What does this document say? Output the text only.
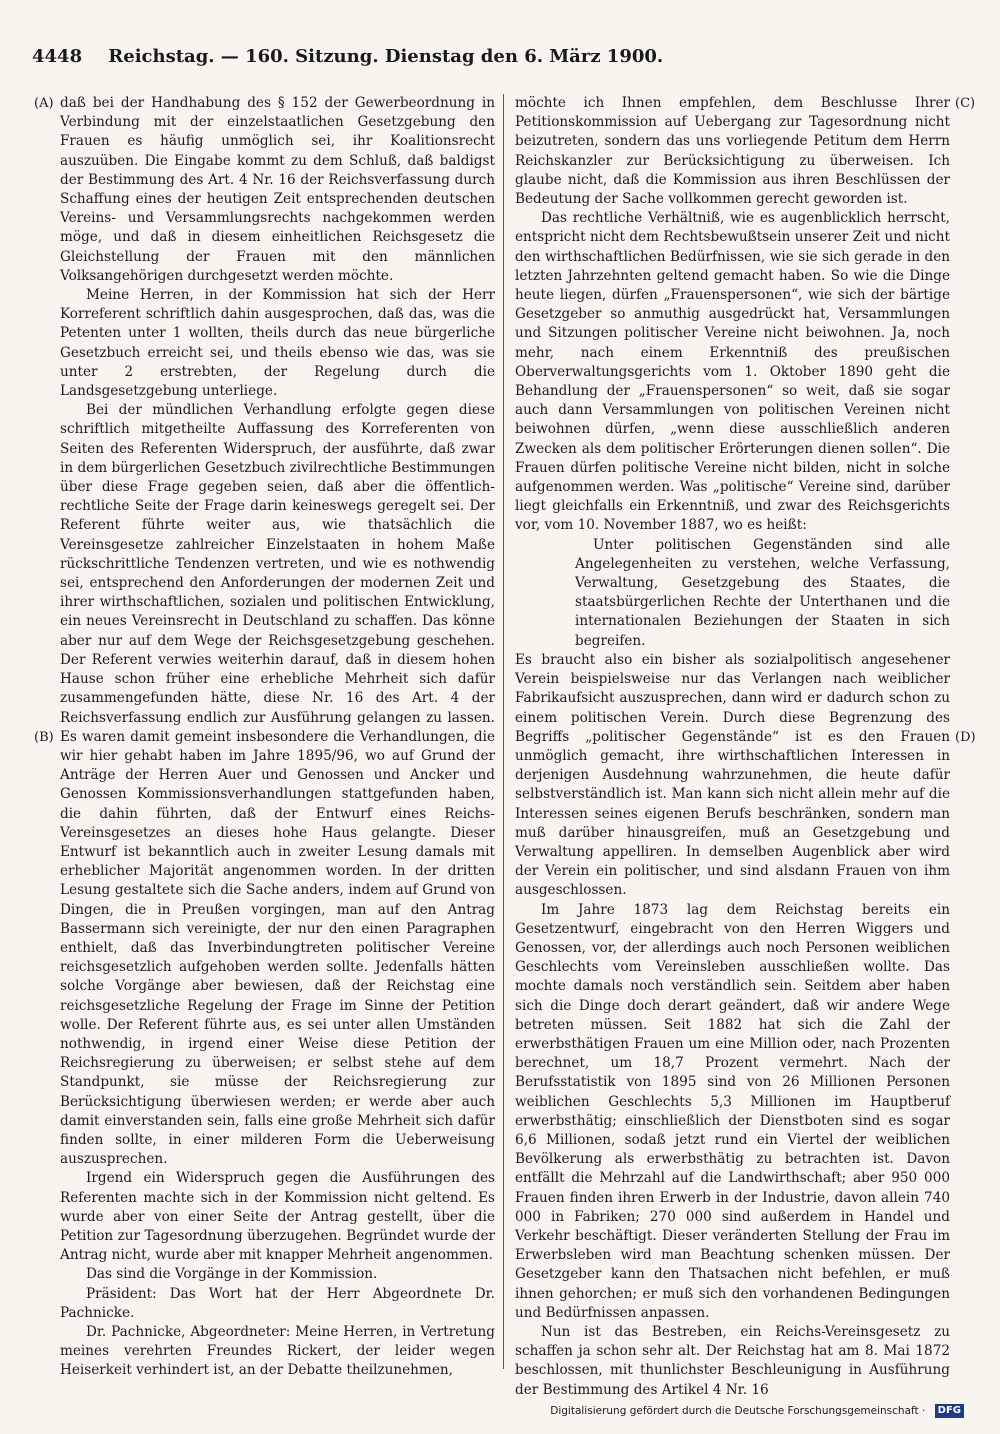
4448 Reichstag. — 160. Sitzung. Dienstag den 6. März 1900.
(A)
(B)
(C)
(D)

daß bei der Handhabung des § 152 der Gewerbeordnung in Verbindung mit der einzelstaatlichen Gesetzgebung den Frauen es häufig unmöglich sei, ihr Koalitionsrecht auszuüben. Die Eingabe kommt zu dem Schluß, daß baldigst der Bestimmung des Art. 4 Nr. 16 der Reichsverfassung durch Schaffung eines der heutigen Zeit entsprechenden deutschen Vereins- und Versammlungsrechts nachgekommen werden möge, und daß in diesem einheitlichen Reichsgesetz die Gleichstellung der Frauen mit den männlichen Volksangehörigen durchgesetzt werden möchte.

Meine Herren, in der Kommission hat sich der Herr Korreferent schriftlich dahin ausgesprochen, daß das, was die Petenten unter 1 wollten, theils durch das neue bürgerliche Gesetzbuch erreicht sei, und theils ebenso wie das, was sie unter 2 erstrebten, der Regelung durch die Landsgesetzgebung unterliege.

Bei der mündlichen Verhandlung erfolgte gegen diese schriftlich mitgetheilte Auffassung des Korreferenten von Seiten des Referenten Widerspruch, der ausführte, daß zwar in dem bürgerlichen Gesetzbuch zivilrechtliche Bestimmungen über diese Frage gegeben seien, daß aber die öffentlich-rechtliche Seite der Frage darin keineswegs geregelt sei. Der Referent führte weiter aus, wie thatsächlich die Vereinsgesetze zahlreicher Einzelstaaten in hohem Maße rückschrittliche Tendenzen vertreten, und wie es nothwendig sei, entsprechend den Anforderungen der modernen Zeit und ihrer wirthschaftlichen, sozialen und politischen Entwicklung, ein neues Vereinsrecht in Deutschland zu schaffen. Das könne aber nur auf dem Wege der Reichsgesetzgebung geschehen. Der Referent verwies weiterhin darauf, daß in diesem hohen Hause schon früher eine erhebliche Mehrheit sich dafür zusammengefunden hätte, diese Nr. 16 des Art. 4 der Reichsverfassung endlich zur Ausführung gelangen zu lassen. Es waren damit gemeint insbesondere die Verhandlungen, die wir hier gehabt haben im Jahre 1895/96, wo auf Grund der Anträge der Herren Auer und Genossen und Ancker und Genossen Kommissionsverhandlungen stattgefunden haben, die dahin führten, daß der Entwurf eines Reichs-Vereinsgesetzes an dieses hohe Haus gelangte. Dieser Entwurf ist bekanntlich auch in zweiter Lesung damals mit erheblicher Majorität angenommen worden. In der dritten Lesung gestaltete sich die Sache anders, indem auf Grund von Dingen, die in Preußen vorgingen, man auf den Antrag Bassermann sich vereinigte, der nur den einen Paragraphen enthielt, daß das Inverbindungtreten politischer Vereine reichsgesetzlich aufgehoben werden sollte. Jedenfalls hätten solche Vorgänge aber bewiesen, daß der Reichstag eine reichsgesetzliche Regelung der Frage im Sinne der Petition wolle. Der Referent führte aus, es sei unter allen Umständen nothwendig, in irgend einer Weise diese Petition der Reichsregierung zu überweisen; er selbst stehe auf dem Standpunkt, sie müsse der Reichsregierung zur Berücksichtigung überwiesen werden; er werde aber auch damit einverstanden sein, falls eine große Mehrheit sich dafür finden sollte, in einer milderen Form die Ueberweisung auszusprechen.

Irgend ein Widerspruch gegen die Ausführungen des Referenten machte sich in der Kommission nicht geltend. Es wurde aber von einer Seite der Antrag gestellt, über die Petition zur Tagesordnung überzugehen. Begründet wurde der Antrag nicht, wurde aber mit knapper Mehrheit angenommen.

Das sind die Vorgänge in der Kommission.

Präsident: Das Wort hat der Herr Abgeordnete Dr. Pachnicke.

Dr. Pachnicke, Abgeordneter: Meine Herren, in Vertretung meines verehrten Freundes Rickert, der leider wegen Heiserkeit verhindert ist, an der Debatte theilzunehmen,

möchte ich Ihnen empfehlen, dem Beschlusse Ihrer Petitionskommission auf Uebergang zur Tagesordnung nicht beizutreten, sondern das uns vorliegende Petitum dem Herrn Reichskanzler zur Berücksichtigung zu überweisen. Ich glaube nicht, daß die Kommission aus ihren Beschlüssen der Bedeutung der Sache vollkommen gerecht geworden ist.

Das rechtliche Verhältniß, wie es augenblicklich herrscht, entspricht nicht dem Rechtsbewußtsein unserer Zeit und nicht den wirthschaftlichen Bedürfnissen, wie sie sich gerade in den letzten Jahrzehnten geltend gemacht haben. So wie die Dinge heute liegen, dürfen „Frauenspersonen“, wie sich der bärtige Gesetzgeber so anmuthig ausgedrückt hat, Versammlungen und Sitzungen politischer Vereine nicht beiwohnen. Ja, noch mehr, nach einem Erkenntniß des preußischen Oberverwaltungsgerichts vom 1. Oktober 1890 geht die Behandlung der „Frauenspersonen“ so weit, daß sie sogar auch dann Versammlungen von politischen Vereinen nicht beiwohnen dürfen, „wenn diese ausschließlich anderen Zwecken als dem politischer Erörterungen dienen sollen“. Die Frauen dürfen politische Vereine nicht bilden, nicht in solche aufgenommen werden. Was „politische“ Vereine sind, darüber liegt gleichfalls ein Erkenntniß, und zwar des Reichsgerichts vor, vom 10. November 1887, wo es heißt:

Unter politischen Gegenständen sind alle Angelegenheiten zu verstehen, welche Verfassung, Verwaltung, Gesetzgebung des Staates, die staatsbürgerlichen Rechte der Unterthanen und die internationalen Beziehungen der Staaten in sich begreifen.

Es braucht also ein bisher als sozialpolitisch angesehener Verein beispielsweise nur das Verlangen nach weiblicher Fabrikaufsicht auszusprechen, dann wird er dadurch schon zu einem politischen Verein. Durch diese Begrenzung des Begriffs „politischer Gegenstände“ ist es den Frauen unmöglich gemacht, ihre wirthschaftlichen Interessen in derjenigen Ausdehnung wahrzunehmen, die heute dafür selbstverständlich ist. Man kann sich nicht allein mehr auf die Interessen seines eigenen Berufs beschränken, sondern man muß darüber hinausgreifen, muß an Gesetzgebung und Verwaltung appelliren. In demselben Augenblick aber wird der Verein ein politischer, und sind alsdann Frauen von ihm ausgeschlossen.

Im Jahre 1873 lag dem Reichstag bereits ein Gesetzentwurf, eingebracht von den Herren Wiggers und Genossen, vor, der allerdings auch noch Personen weiblichen Geschlechts vom Vereinsleben ausschließen wollte. Das mochte damals noch verständlich sein. Seitdem aber haben sich die Dinge doch derart geändert, daß wir andere Wege betreten müssen. Seit 1882 hat sich die Zahl der erwerbsthätigen Frauen um eine Million oder, nach Prozenten berechnet, um 18,7 Prozent vermehrt. Nach der Berufsstatistik von 1895 sind von 26 Millionen Personen weiblichen Geschlechts 5,3 Millionen im Hauptberuf erwerbsthätig; einschließlich der Dienstboten sind es sogar 6,6 Millionen, sodaß jetzt rund ein Viertel der weiblichen Bevölkerung als erwerbsthätig zu betrachten ist. Davon entfällt die Mehrzahl auf die Landwirthschaft; aber 950 000 Frauen finden ihren Erwerb in der Industrie, davon allein 740 000 in Fabriken; 270 000 sind außerdem in Handel und Verkehr beschäftigt. Dieser veränderten Stellung der Frau im Erwerbsleben wird man Beachtung schenken müssen. Der Gesetzgeber kann den Thatsachen nicht befehlen, er muß ihnen gehorchen; er muß sich den vorhandenen Bedingungen und Bedürfnissen anpassen.

Nun ist das Bestreben, ein Reichs-Vereinsgesetz zu schaffen ja schon sehr alt. Der Reichstag hat am 8. Mai 1872 beschlossen, mit thunlichster Beschleunigung in Ausführung der Bestimmung des Artikel 4 Nr. 16

Digitalisierung gefördert durch die Deutsche Forschungsgemeinschaft · DFG
